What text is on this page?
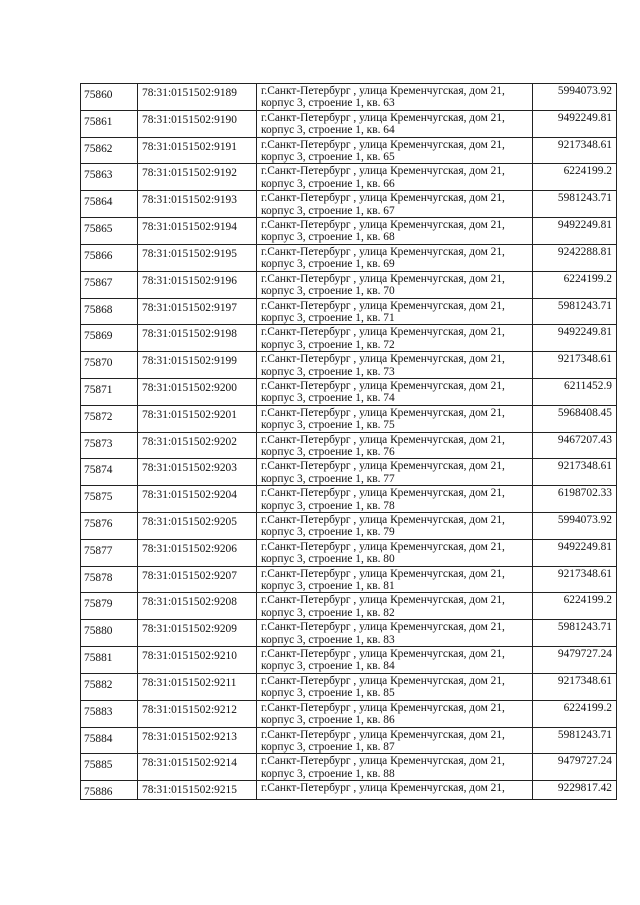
75860	78:31:0151502:9189	г.Санкт-Петербург , улица Кременчугская, дом 21,
корпус 3, строение 1, кв. 63	5994073.92
75861	78:31:0151502:9190	г.Санкт-Петербург , улица Кременчугская, дом 21,
корпус 3, строение 1, кв. 64	9492249.81
75862	78:31:0151502:9191	г.Санкт-Петербург , улица Кременчугская, дом 21,
корпус 3, строение 1, кв. 65	9217348.61
75863	78:31:0151502:9192	г.Санкт-Петербург , улица Кременчугская, дом 21,
корпус 3, строение 1, кв. 66	6224199.2
75864	78:31:0151502:9193	г.Санкт-Петербург , улица Кременчугская, дом 21,
корпус 3, строение 1, кв. 67	5981243.71
75865	78:31:0151502:9194	г.Санкт-Петербург , улица Кременчугская, дом 21,
корпус 3, строение 1, кв. 68	9492249.81
75866	78:31:0151502:9195	г.Санкт-Петербург , улица Кременчугская, дом 21,
корпус 3, строение 1, кв. 69	9242288.81
75867	78:31:0151502:9196	г.Санкт-Петербург , улица Кременчугская, дом 21,
корпус 3, строение 1, кв. 70	6224199.2
75868	78:31:0151502:9197	г.Санкт-Петербург , улица Кременчугская, дом 21,
корпус 3, строение 1, кв. 71	5981243.71
75869	78:31:0151502:9198	г.Санкт-Петербург , улица Кременчугская, дом 21,
корпус 3, строение 1, кв. 72	9492249.81
75870	78:31:0151502:9199	г.Санкт-Петербург , улица Кременчугская, дом 21,
корпус 3, строение 1, кв. 73	9217348.61
75871	78:31:0151502:9200	г.Санкт-Петербург , улица Кременчугская, дом 21,
корпус 3, строение 1, кв. 74	6211452.9
75872	78:31:0151502:9201	г.Санкт-Петербург , улица Кременчугская, дом 21,
корпус 3, строение 1, кв. 75	5968408.45
75873	78:31:0151502:9202	г.Санкт-Петербург , улица Кременчугская, дом 21,
корпус 3, строение 1, кв. 76	9467207.43
75874	78:31:0151502:9203	г.Санкт-Петербург , улица Кременчугская, дом 21,
корпус 3, строение 1, кв. 77	9217348.61
75875	78:31:0151502:9204	г.Санкт-Петербург , улица Кременчугская, дом 21,
корпус 3, строение 1, кв. 78	6198702.33
75876	78:31:0151502:9205	г.Санкт-Петербург , улица Кременчугская, дом 21,
корпус 3, строение 1, кв. 79	5994073.92
75877	78:31:0151502:9206	г.Санкт-Петербург , улица Кременчугская, дом 21,
корпус 3, строение 1, кв. 80	9492249.81
75878	78:31:0151502:9207	г.Санкт-Петербург , улица Кременчугская, дом 21,
корпус 3, строение 1, кв. 81	9217348.61
75879	78:31:0151502:9208	г.Санкт-Петербург , улица Кременчугская, дом 21,
корпус 3, строение 1, кв. 82	6224199.2
75880	78:31:0151502:9209	г.Санкт-Петербург , улица Кременчугская, дом 21,
корпус 3, строение 1, кв. 83	5981243.71
75881	78:31:0151502:9210	г.Санкт-Петербург , улица Кременчугская, дом 21,
корпус 3, строение 1, кв. 84	9479727.24
75882	78:31:0151502:9211	г.Санкт-Петербург , улица Кременчугская, дом 21,
корпус 3, строение 1, кв. 85	9217348.61
75883	78:31:0151502:9212	г.Санкт-Петербург , улица Кременчугская, дом 21,
корпус 3, строение 1, кв. 86	6224199.2
75884	78:31:0151502:9213	г.Санкт-Петербург , улица Кременчугская, дом 21,
корпус 3, строение 1, кв. 87	5981243.71
75885	78:31:0151502:9214	г.Санкт-Петербург , улица Кременчугская, дом 21,
корпус 3, строение 1, кв. 88	9479727.24
75886	78:31:0151502:9215	г.Санкт-Петербург , улица Кременчугская, дом 21,	9229817.42
